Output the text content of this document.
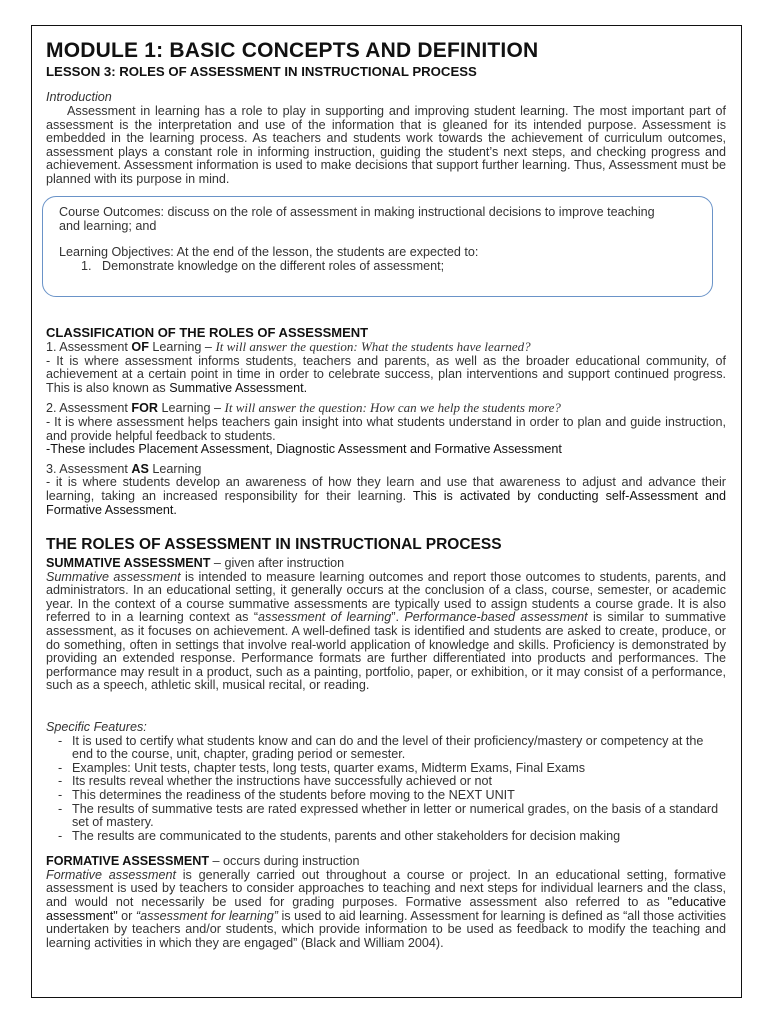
MODULE 1: BASIC CONCEPTS AND DEFINITION

LESSON 3: ROLES OF ASSESSMENT IN INSTRUCTIONAL PROCESS

Introduction

Assessment in learning has a role to play in supporting and improving student learning. The most important part of assessment is the interpretation and use of the information that is gleaned for its intended purpose. Assessment is embedded in the learning process. As teachers and students work towards the achievement of curriculum outcomes, assessment plays a constant role in informing instruction, guiding the student’s next steps, and checking progress and achievement. Assessment information is used to make decisions that support further learning. Thus, Assessment must be planned with its purpose in mind.

Course Outcomes: discuss on the role of assessment in making instructional decisions to improve teaching and learning; and

Learning Objectives: At the end of the lesson, the students are expected to:

1. Demonstrate knowledge on the different roles of assessment;

CLASSIFICATION OF THE ROLES OF ASSESSMENT

1. Assessment OF Learning – It will answer the question: What the students have learned?

- It is where assessment informs students, teachers and parents, as well as the broader educational community, of achievement at a certain point in time in order to celebrate success, plan interventions and support continued progress. This is also known as Summative Assessment.

2. Assessment FOR Learning – It will answer the question: How can we help the students more?

- It is where assessment helps teachers gain insight into what students understand in order to plan and guide instruction, and provide helpful feedback to students.

-These includes Placement Assessment, Diagnostic Assessment and Formative Assessment

3. Assessment AS Learning

- it is where students develop an awareness of how they learn and use that awareness to adjust and advance their learning, taking an increased responsibility for their learning. This is activated by conducting self-Assessment and Formative Assessment.

THE ROLES OF ASSESSMENT IN INSTRUCTIONAL PROCESS

SUMMATIVE ASSESSMENT – given after instruction

Summative assessment is intended to measure learning outcomes and report those outcomes to students, parents, and administrators. In an educational setting, it generally occurs at the conclusion of a class, course, semester, or academic year. In the context of a course summative assessments are typically used to assign students a course grade. It is also referred to in a learning context as “assessment of learning”. Performance-based assessment is similar to summative assessment, as it focuses on achievement. A well-defined task is identified and students are asked to create, produce, or do something, often in settings that involve real-world application of knowledge and skills. Proficiency is demonstrated by providing an extended response. Performance formats are further differentiated into products and performances. The performance may result in a product, such as a painting, portfolio, paper, or exhibition, or it may consist of a performance, such as a speech, athletic skill, musical recital, or reading.

Specific Features:
- It is used to certify what students know and can do and the level of their proficiency/mastery or competency at the end to the course, unit, chapter, grading period or semester.
- Examples: Unit tests, chapter tests, long tests, quarter exams, Midterm Exams, Final Exams
- Its results reveal whether the instructions have successfully achieved or not
- This determines the readiness of the students before moving to the NEXT UNIT
- The results of summative tests are rated expressed whether in letter or numerical grades, on the basis of a standard set of mastery.
- The results are communicated to the students, parents and other stakeholders for decision making

FORMATIVE ASSESSMENT – occurs during instruction

Formative assessment is generally carried out throughout a course or project. In an educational setting, formative assessment is used by teachers to consider approaches to teaching and next steps for individual learners and the class, and would not necessarily be used for grading purposes. Formative assessment also referred to as "educative assessment" or “assessment for learning” is used to aid learning. Assessment for learning is defined as “all those activities undertaken by teachers and/or students, which provide information to be used as feedback to modify the teaching and learning activities in which they are engaged” (Black and William 2004).
